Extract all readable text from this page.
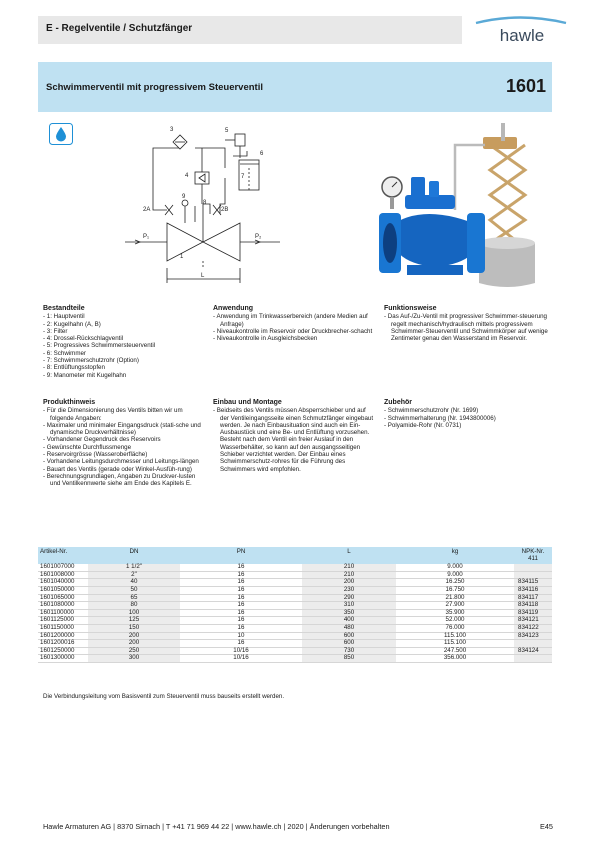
E - Regelventile / Schutzfänger	hawle
Schwimmerventil mit progressivem Steuerventil	1601
3
4
5
6
7
2A	2B
9
8
1
P₁	P₂
L
Bestandteile
- 1: Hauptventil
- 2: Kugelhahn (A, B)
- 3: Filter
- 4: Drossel-Rückschlagventil
- 5: Progressives Schwimmersteuerventil
- 6: Schwimmer
- 7: Schwimmerschutzrohr (Option)
- 8: Entlüftungsstopfen
- 9: Manometer mit Kugelhahn
Anwendung
- Anwendung im Trinkwasserbereich (andere Medien auf Anfrage)
- Niveaukontrolle im Reservoir oder Druckbrecher-schacht
- Niveaukontrolle in Ausgleichsbecken
Funktionsweise
- Das Auf-/Zu-Ventil mit progressiver Schwimmer-steuerung regelt mechanisch/hydraulisch mittels progressivem Schwimmer-Steuerventil und Schwimmkörper auf wenige Zentimeter genau den Wasserstand im Reservoir.
Produkthinweis
- Für die Dimensionierung des Ventils bitten wir um folgende Angaben:
- Maximaler und minimaler Eingangsdruck (stati-sche und dynamische Druckverhältnisse)
- Vorhandener Gegendruck des Reservoirs
- Gewünschte Durchflussmenge
- Reservoirgrösse (Wasseroberfläche)
- Vorhandene Leitungsdurchmesser und Leitungs-längen
- Bauart des Ventils (gerade oder Winkel-Ausfüh-rung)
- Berechnungsgrundlagen, Angaben zu Druckver-lusten und Ventilkennwerte siehe am Ende des Kapitels E.
Einbau und Montage
- Beidseits des Ventils müssen Absperrschieber und auf der Ventileingangsseite einen Schmutzfänger eingebaut werden. Je nach Einbausituation sind auch ein Ein-Ausbaustück und eine Be- und Entlüftung vorzusehen. Besteht nach dem Ventil ein freier Auslauf in den Wasserbehälter, so kann auf den ausgangsseitigen Schieber verzichtet werden. Der Einbau eines Schwimmerschutz-rohres für die Führung des Schwimmers wird empfohlen.
Zubehör
- Schwimmerschutzrohr (Nr. 1699)
- Schwimmerhalterung (Nr. 1943800006)
- Polyamide-Rohr (Nr. 0731)
Artikel-Nr.	DN	PN	L	kg	NPK-Nr. 411
1601007000	1 1/2"	16	210	9.000	
1601008000	2"	16	210	9.000	
1601040000	40	16	200	16.250	834115
1601050000	50	16	230	16.750	834116
1601065000	65	16	290	21.800	834117
1601080000	80	16	310	27.900	834118
1601100000	100	16	350	35.900	834119
1601125000	125	16	400	52.000	834121
1601150000	150	16	480	76.000	834122
1601200000	200	10	600	115.100	834123
1601200016	200	16	600	115.100	
1601250000	250	10/16	730	247.500	834124
1601300000	300	10/16	850	356.000	
Die Verbindungsleitung vom Basisventil zum Steuerventil muss bauseits erstellt werden.
Hawle Armaturen AG | 8370 Sirnach | T +41 71 969 44 22 | www.hawle.ch | 2020 | Änderungen vorbehalten	E45
